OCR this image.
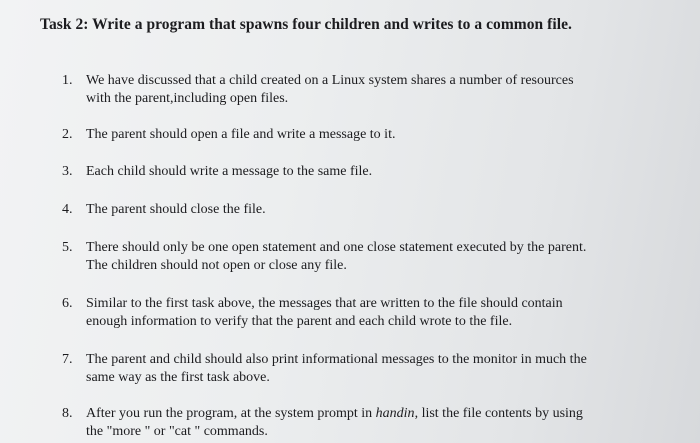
Task 2: Write a program that spawns four children and writes to a common file.
1. We have discussed that a child created on a Linux system shares a number of resources
with the parent,including open files.
2. The parent should open a file and write a message to it.
3. Each child should write a message to the same file.
4. The parent should close the file.
5. There should only be one open statement and one close statement executed by the parent.
The children should not open or close any file.
6. Similar to the first task above, the messages that are written to the file should contain
enough information to verify that the parent and each child wrote to the file.
7. The parent and child should also print informational messages to the monitor in much the
same way as the first task above.
8. After you run the program, at the system prompt in handin, list the file contents by using
the "more " or "cat " commands.
